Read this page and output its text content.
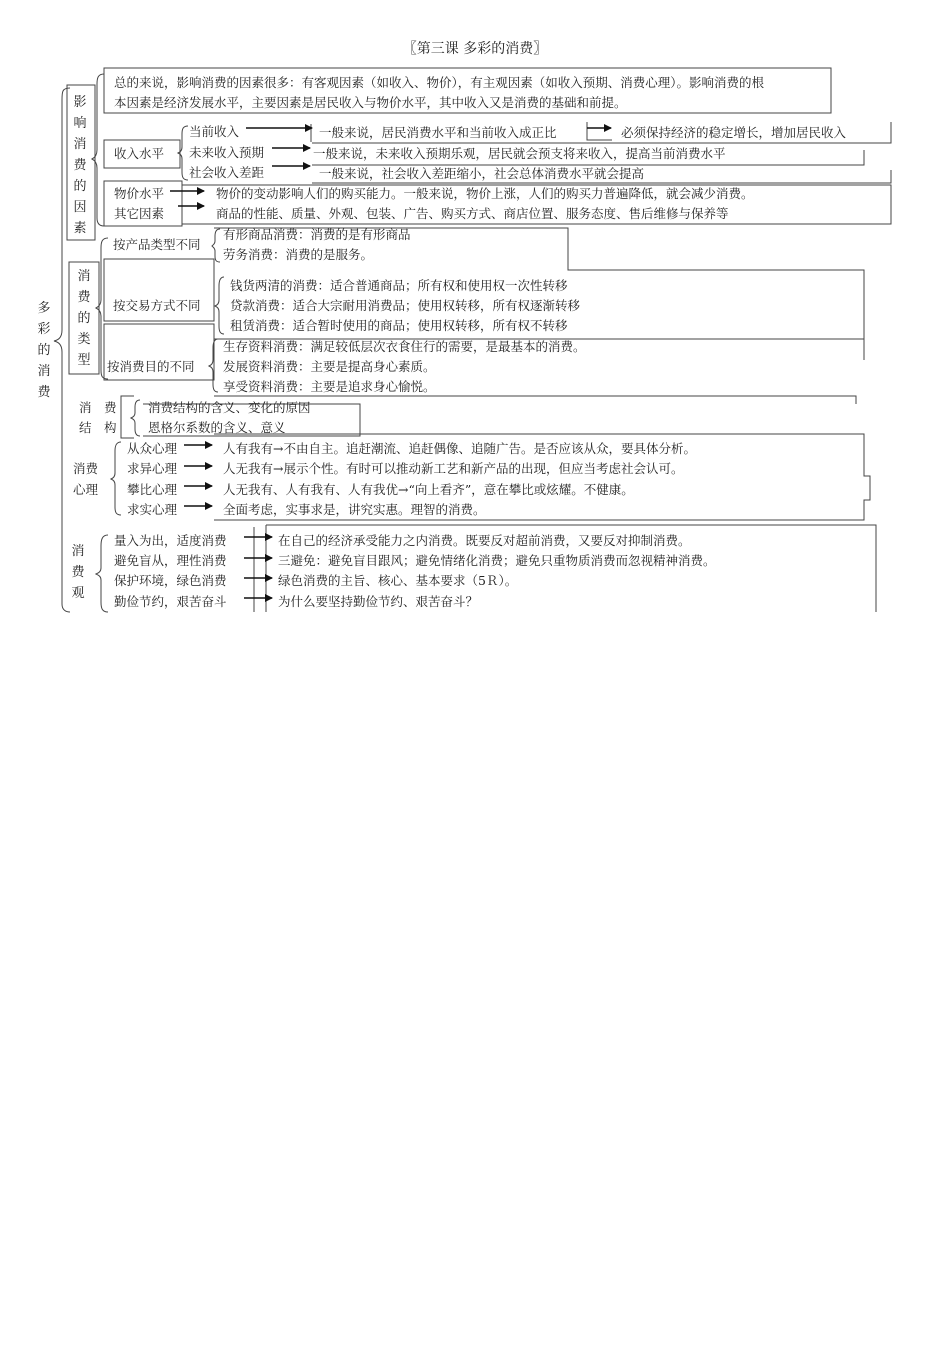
〖第三课 多彩的消费〗
多彩的消费
影响消费的因素
总的来说，影响消费的因素很多：有客观因素（如收入、物价），有主观因素（如收入预期、消费心理）。影响消费的根
本因素是经济发展水平，主要因素是居民收入与物价水平，其中收入又是消费的基础和前提。
收入水平
当前收入	一般来说，居民消费水平和当前收入成正比	必须保持经济的稳定增长，增加居民收入
未来收入预期	一般来说，未来收入预期乐观，居民就会预支将来收入，提高当前消费水平
社会收入差距	一般来说，社会收入差距缩小，社会总体消费水平就会提高
物价水平	物价的变动影响人们的购买能力。一般来说，物价上涨，人们的购买力普遍降低，就会减少消费。
其它因素	商品的性能、质量、外观、包装、广告、购买方式、商店位置、服务态度、售后维修与保养等
消费的类型
按产品类型不同
有形商品消费：消费的是有形商品
劳务消费：消费的是服务。
按交易方式不同
钱货两清的消费：适合普通商品；所有权和使用权一次性转移
贷款消费：适合大宗耐用消费品；使用权转移，所有权逐渐转移
租赁消费：适合暂时使用的商品；使用权转移，所有权不转移
按消费目的不同
生存资料消费：满足较低层次衣食住行的需要，是最基本的消费。
发展资料消费：主要是提高身心素质。
享受资料消费：主要是追求身心愉悦。
消　费
结　构
消费结构的含义、变化的原因
恩格尔系数的含义、意义
消费
心理
从众心理	人有我有→不由自主。追赶潮流、追赶偶像、追随广告。是否应该从众，要具体分析。
求异心理	人无我有→展示个性。有时可以推动新工艺和新产品的出现，但应当考虑社会认可。
攀比心理	人无我有、人有我有、人有我优→“向上看齐”，意在攀比或炫耀。不健康。
求实心理	全面考虑，实事求是，讲究实惠。理智的消费。
消费观
量入为出，适度消费	在自己的经济承受能力之内消费。既要反对超前消费，又要反对抑制消费。
避免盲从，理性消费	三避免：避免盲目跟风；避免情绪化消费；避免只重物质消费而忽视精神消费。
保护环境，绿色消费	绿色消费的主旨、核心、基本要求（5Ｒ）。
勤俭节约，艰苦奋斗	为什么要坚持勤俭节约、艰苦奋斗？
